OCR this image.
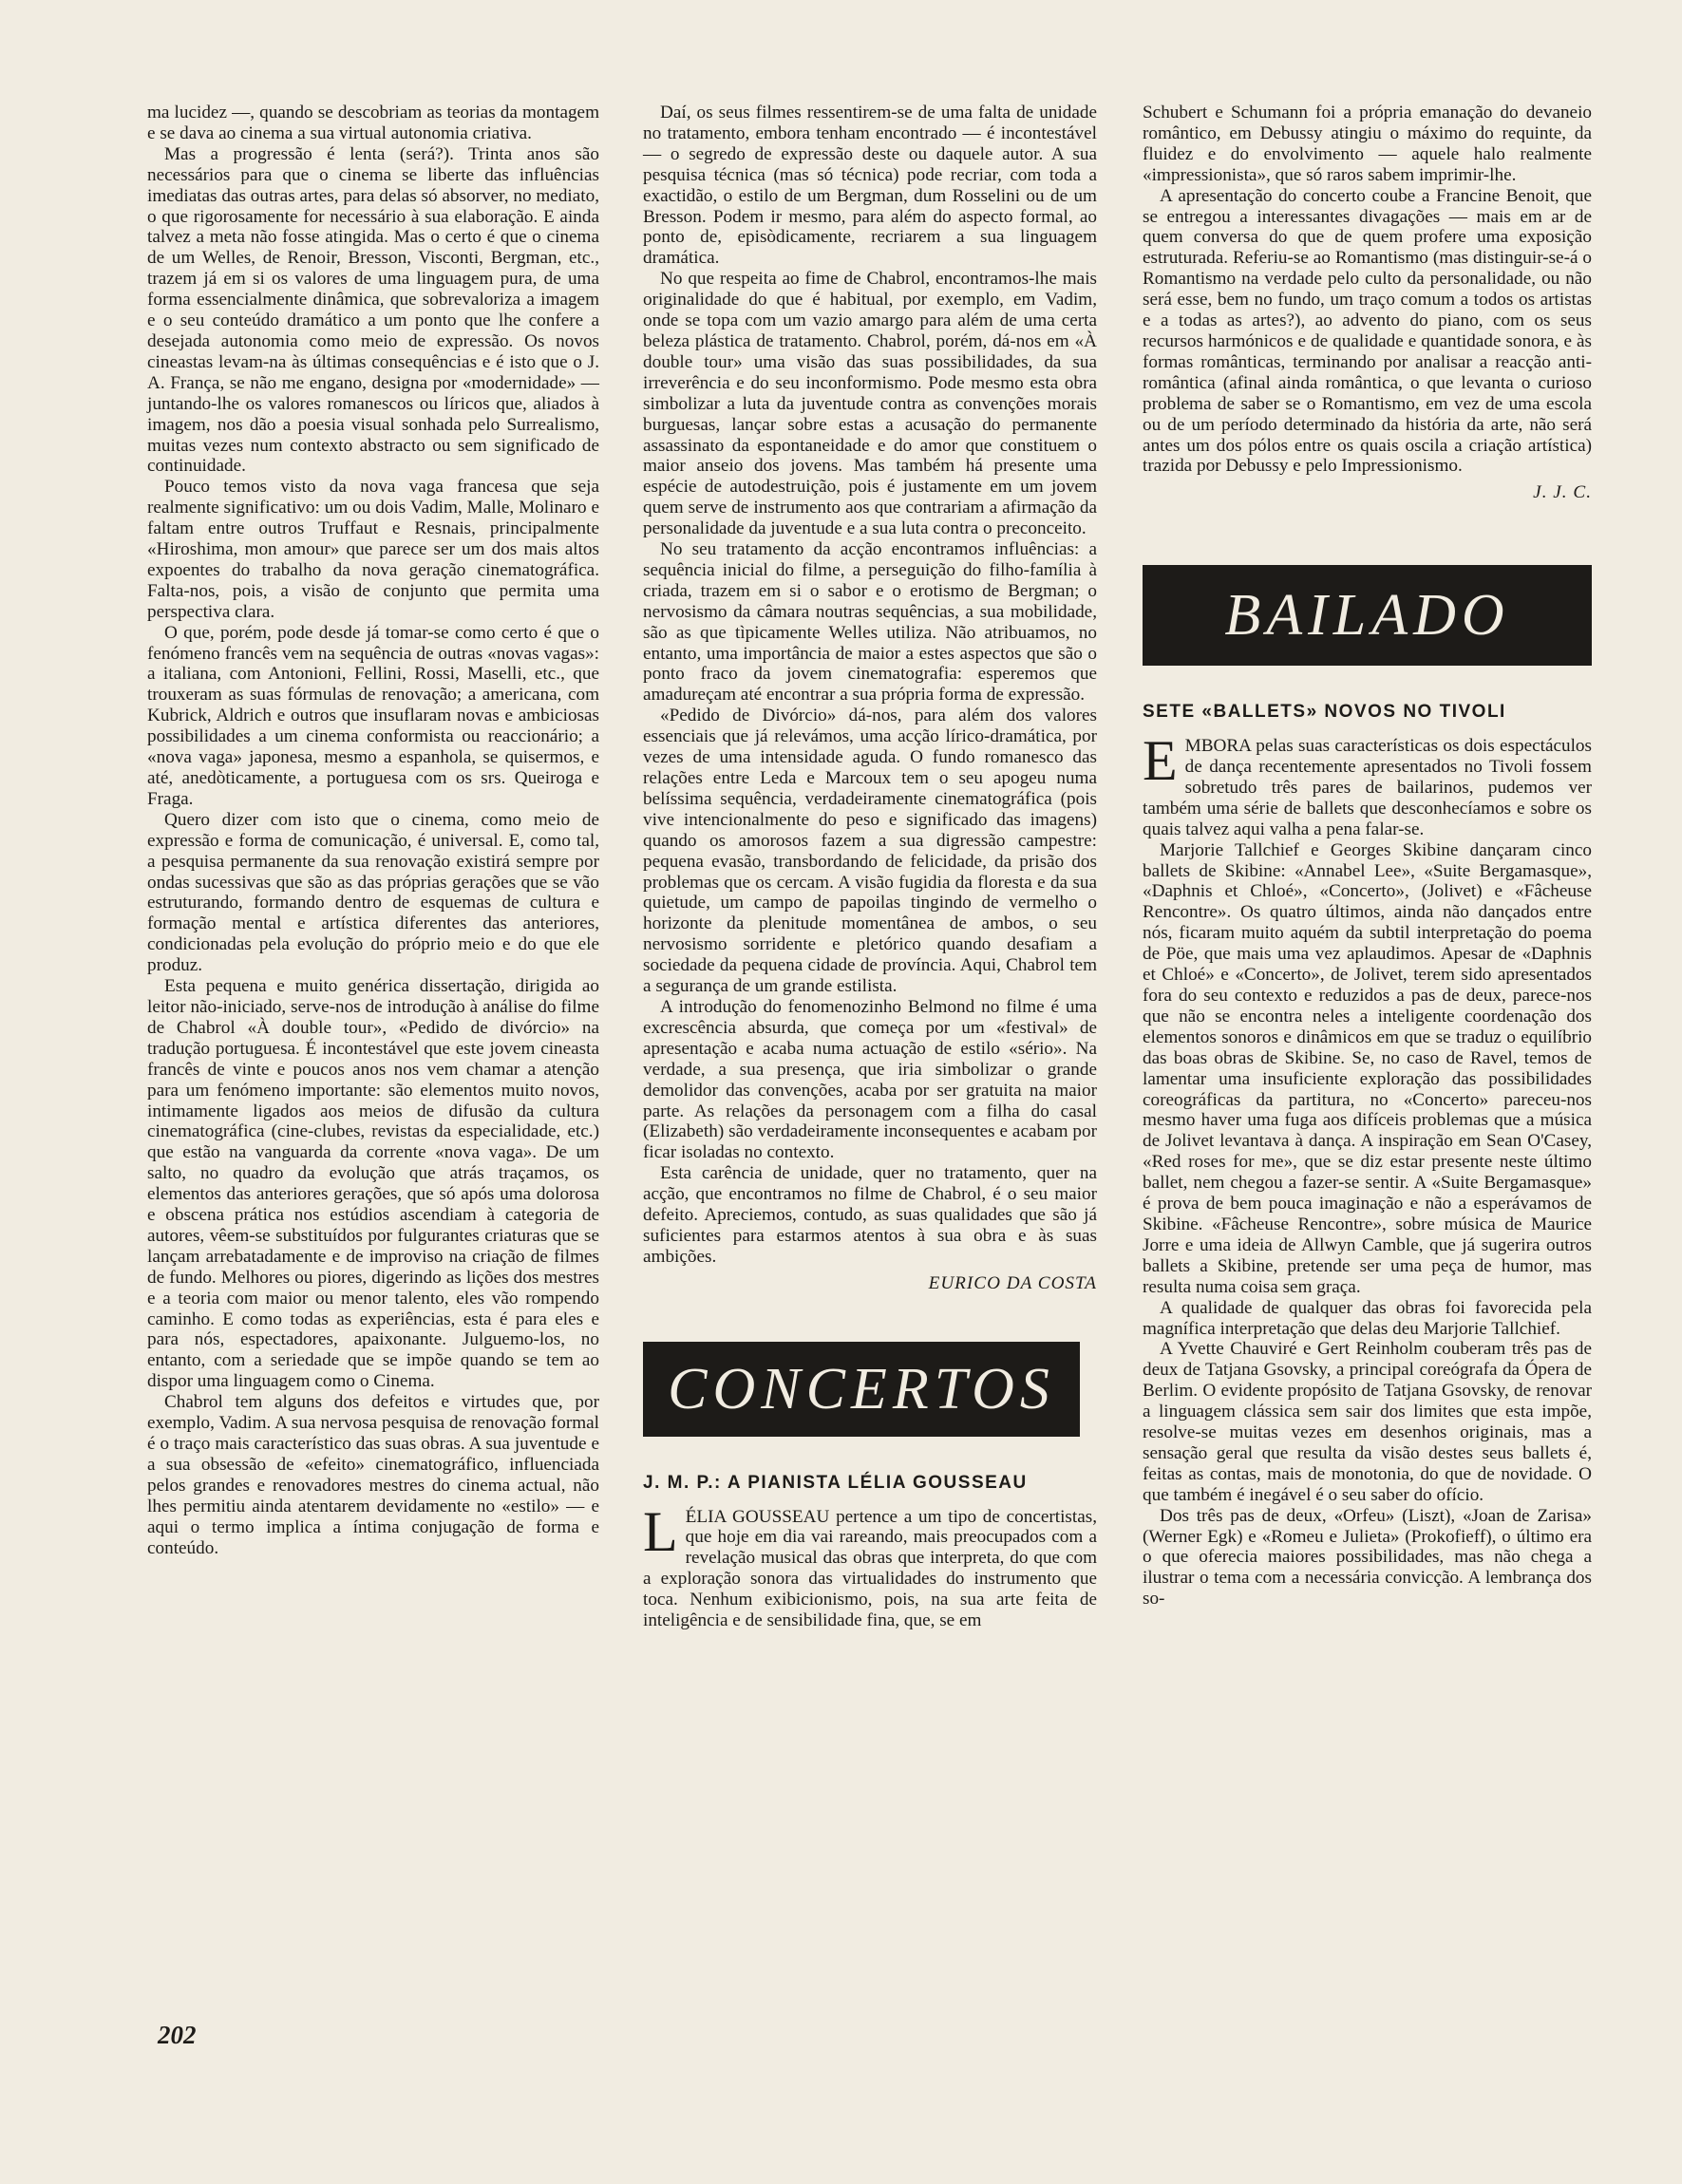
ma lucidez —, quando se descobriam as teorias da montagem e se dava ao cinema a sua virtual autonomia criativa.

Mas a progressão é lenta (será?). Trinta anos são necessários para que o cinema se liberte das influências imediatas das outras artes, para delas só absorver, no mediato, o que rigorosamente for necessário à sua elaboração. E ainda talvez a meta não fosse atingida. Mas o certo é que o cinema de um Welles, de Renoir, Bresson, Visconti, Bergman, etc., trazem já em si os valores de uma linguagem pura, de uma forma essencialmente dinâmica, que sobrevaloriza a imagem e o seu conteúdo dramático a um ponto que lhe confere a desejada autonomia como meio de expressão. Os novos cineastas levam-na às últimas consequências e é isto que o J. A. França, se não me engano, designa por «modernidade» — juntando-lhe os valores romanescos ou líricos que, aliados à imagem, nos dão a poesia visual sonhada pelo Surrealismo, muitas vezes num contexto abstracto ou sem significado de continuidade.

Pouco temos visto da nova vaga francesa que seja realmente significativo: um ou dois Vadim, Malle, Molinaro e faltam entre outros Truffaut e Resnais, principalmente «Hiroshima, mon amour» que parece ser um dos mais altos expoentes do trabalho da nova geração cinematográfica. Falta-nos, pois, a visão de conjunto que permita uma perspectiva clara.

O que, porém, pode desde já tomar-se como certo é que o fenómeno francês vem na sequência de outras «novas vagas»: a italiana, com Antonioni, Fellini, Rossi, Maselli, etc., que trouxeram as suas fórmulas de renovação; a americana, com Kubrick, Aldrich e outros que insuflaram novas e ambiciosas possibilidades a um cinema conformista ou reaccionário; a «nova vaga» japonesa, mesmo a espanhola, se quisermos, e até, anedòticamente, a portuguesa com os srs. Queiroga e Fraga.

Quero dizer com isto que o cinema, como meio de expressão e forma de comunicação, é universal. E, como tal, a pesquisa permanente da sua renovação existirá sempre por ondas sucessivas que são as das próprias gerações que se vão estruturando, formando dentro de esquemas de cultura e formação mental e artística diferentes das anteriores, condicionadas pela evolução do próprio meio e do que ele produz.

Esta pequena e muito genérica dissertação, dirigida ao leitor não-iniciado, serve-nos de introdução à análise do filme de Chabrol «À double tour», «Pedido de divórcio» na tradução portuguesa. É incontestável que este jovem cineasta francês de vinte e poucos anos nos vem chamar a atenção para um fenómeno importante: são elementos muito novos, intimamente ligados aos meios de difusão da cultura cinematográfica (cine-clubes, revistas da especialidade, etc.) que estão na vanguarda da corrente «nova vaga». De um salto, no quadro da evolução que atrás traçamos, os elementos das anteriores gerações, que só após uma dolorosa e obscena prática nos estúdios ascendiam à categoria de autores, vêem-se substituídos por fulgurantes criaturas que se lançam arrebatadamente e de improviso na criação de filmes de fundo. Melhores ou piores, digerindo as lições dos mestres e a teoria com maior ou menor talento, eles vão rompendo caminho. E como todas as experiências, esta é para eles e para nós, espectadores, apaixonante. Julguemo-los, no entanto, com a seriedade que se impõe quando se tem ao dispor uma linguagem como o Cinema.

Chabrol tem alguns dos defeitos e virtudes que, por exemplo, Vadim. A sua nervosa pesquisa de renovação formal é o traço mais característico das suas obras. A sua juventude e a sua obsessão de «efeito» cinematográfico, influenciada pelos grandes e renovadores mestres do cinema actual, não lhes permitiu ainda atentarem devidamente no «estilo» — e aqui o termo implica a íntima conjugação de forma e conteúdo.

Daí, os seus filmes ressentirem-se de uma falta de unidade no tratamento, embora tenham encontrado — é incontestável — o segredo de expressão deste ou daquele autor. A sua pesquisa técnica (mas só técnica) pode recriar, com toda a exactidão, o estilo de um Bergman, dum Rosselini ou de um Bresson. Podem ir mesmo, para além do aspecto formal, ao ponto de, episòdicamente, recriarem a sua linguagem dramática.

No que respeita ao fime de Chabrol, encontramos-lhe mais originalidade do que é habitual, por exemplo, em Vadim, onde se topa com um vazio amargo para além de uma certa beleza plástica de tratamento. Chabrol, porém, dá-nos em «À double tour» uma visão das suas possibilidades, da sua irreverência e do seu inconformismo. Pode mesmo esta obra simbolizar a luta da juventude contra as convenções morais burguesas, lançar sobre estas a acusação do permanente assassinato da espontaneidade e do amor que constituem o maior anseio dos jovens. Mas também há presente uma espécie de autodestruição, pois é justamente em um jovem quem serve de instrumento aos que contrariam a afirmação da personalidade da juventude e a sua luta contra o preconceito.

No seu tratamento da acção encontramos influências: a sequência inicial do filme, a perseguição do filho-família à criada, trazem em si o sabor e o erotismo de Bergman; o nervosismo da câmara noutras sequências, a sua mobilidade, são as que tìpicamente Welles utiliza. Não atribuamos, no entanto, uma importância de maior a estes aspectos que são o ponto fraco da jovem cinematografia: esperemos que amadureçam até encontrar a sua própria forma de expressão.

«Pedido de Divórcio» dá-nos, para além dos valores essenciais que já relevámos, uma acção lírico-dramática, por vezes de uma intensidade aguda. O fundo romanesco das relações entre Leda e Marcoux tem o seu apogeu numa belíssima sequência, verdadeiramente cinematográfica (pois vive intencionalmente do peso e significado das imagens) quando os amorosos fazem a sua digressão campestre: pequena evasão, transbordando de felicidade, da prisão dos problemas que os cercam. A visão fugidia da floresta e da sua quietude, um campo de papoilas tingindo de vermelho o horizonte da plenitude momentânea de ambos, o seu nervosismo sorridente e pletórico quando desafiam a sociedade da pequena cidade de província. Aqui, Chabrol tem a segurança de um grande estilista.

A introdução do fenomenozinho Belmond no filme é uma excrescência absurda, que começa por um «festival» de apresentação e acaba numa actuação de estilo «sério». Na verdade, a sua presença, que iria simbolizar o grande demolidor das convenções, acaba por ser gratuita na maior parte. As relações da personagem com a filha do casal (Elizabeth) são verdadeiramente inconsequentes e acabam por ficar isoladas no contexto.

Esta carência de unidade, quer no tratamento, quer na acção, que encontramos no filme de Chabrol, é o seu maior defeito. Apreciemos, contudo, as suas qualidades que são já suficientes para estarmos atentos à sua obra e às suas ambições.

EURICO DA COSTA

CONCERTOS
J. M. P.: A PIANISTA LÉLIA GOUSSEAU

LÉLIA GOUSSEAU pertence a um tipo de concertistas, que hoje em dia vai rareando, mais preocupados com a revelação musical das obras que interpreta, do que com a exploração sonora das virtualidades do instrumento que toca. Nenhum exibicionismo, pois, na sua arte feita de inteligência e de sensibilidade fina, que, se em

Schubert e Schumann foi a própria emanação do devaneio romântico, em Debussy atingiu o máximo do requinte, da fluidez e do envolvimento — aquele halo realmente «impressionista», que só raros sabem imprimir-lhe.

A apresentação do concerto coube a Francine Benoit, que se entregou a interessantes divagações — mais em ar de quem conversa do que de quem profere uma exposição estruturada. Referiu-se ao Romantismo (mas distinguir-se-á o Romantismo na verdade pelo culto da personalidade, ou não será esse, bem no fundo, um traço comum a todos os artistas e a todas as artes?), ao advento do piano, com os seus recursos harmónicos e de qualidade e quantidade sonora, e às formas românticas, terminando por analisar a reacção anti-romântica (afinal ainda romântica, o que levanta o curioso problema de saber se o Romantismo, em vez de uma escola ou de um período determinado da história da arte, não será antes um dos pólos entre os quais oscila a criação artística) trazida por Debussy e pelo Impressionismo.

J. J. C.

BAILADO
SETE «BALLETS» NOVOS NO TIVOLI

EMBORA pelas suas características os dois espectáculos de dança recentemente apresentados no Tivoli fossem sobretudo três pares de bailarinos, pudemos ver também uma série de ballets que desconhecíamos e sobre os quais talvez aqui valha a pena falar-se.

Marjorie Tallchief e Georges Skibine dançaram cinco ballets de Skibine: «Annabel Lee», «Suite Bergamasque», «Daphnis et Chloé», «Concerto», (Jolivet) e «Fâcheuse Rencontre». Os quatro últimos, ainda não dançados entre nós, ficaram muito aquém da subtil interpretação do poema de Pöe, que mais uma vez aplaudimos. Apesar de «Daphnis et Chloé» e «Concerto», de Jolivet, terem sido apresentados fora do seu contexto e reduzidos a pas de deux, parece-nos que não se encontra neles a inteligente coordenação dos elementos sonoros e dinâmicos em que se traduz o equilíbrio das boas obras de Skibine. Se, no caso de Ravel, temos de lamentar uma insuficiente exploração das possibilidades coreográficas da partitura, no «Concerto» pareceu-nos mesmo haver uma fuga aos difíceis problemas que a música de Jolivet levantava à dança. A inspiração em Sean O'Casey, «Red roses for me», que se diz estar presente neste último ballet, nem chegou a fazer-se sentir. A «Suite Bergamasque» é prova de bem pouca imaginação e não a esperávamos de Skibine. «Fâcheuse Rencontre», sobre música de Maurice Jorre e uma ideia de Allwyn Camble, que já sugerira outros ballets a Skibine, pretende ser uma peça de humor, mas resulta numa coisa sem graça.

A qualidade de qualquer das obras foi favorecida pela magnífica interpretação que delas deu Marjorie Tallchief.

A Yvette Chauviré e Gert Reinholm couberam três pas de deux de Tatjana Gsovsky, a principal coreógrafa da Ópera de Berlim. O evidente propósito de Tatjana Gsovsky, de renovar a linguagem clássica sem sair dos limites que esta impõe, resolve-se muitas vezes em desenhos originais, mas a sensação geral que resulta da visão destes seus ballets é, feitas as contas, mais de monotonia, do que de novidade. O que também é inegável é o seu saber do ofício.

Dos três pas de deux, «Orfeu» (Liszt), «Joan de Zarisa» (Werner Egk) e «Romeu e Julieta» (Prokofieff), o último era o que oferecia maiores possibilidades, mas não chega a ilustrar o tema com a necessária convicção. A lembrança dos so-

202
